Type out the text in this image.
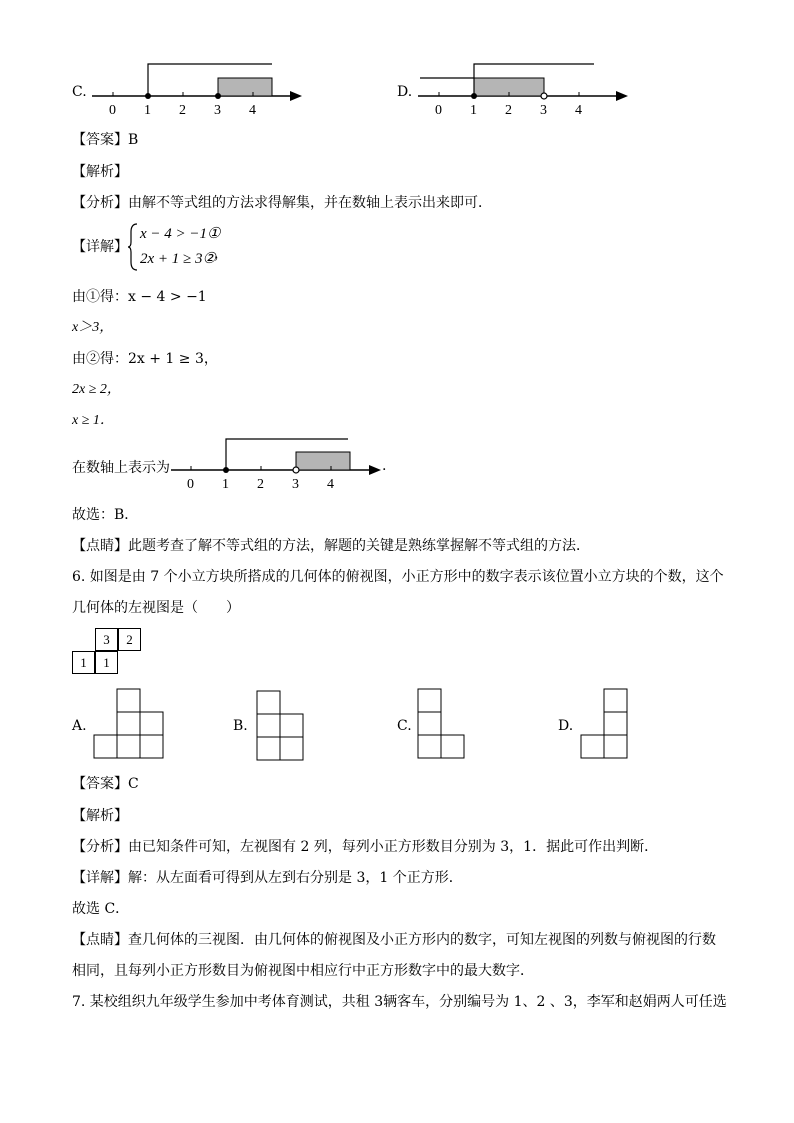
C.
0 1 2 3 4
D.
0 1 2 3 4
【答案】B
【解析】
【分析】由解不等式组的方法求得解集，并在数轴上表示出来即可．
【详解】
x − 4 > −1①
2x + 1 ≥ 3②
，
由①得：x − 4 > −1
x＞3，
由②得：2x + 1 ≥ 3，
2x ≥ 2，
x ≥ 1．
在数轴上表示为
0 1 2 3 4
.
故选：B．
【点睛】此题考查了解不等式组的方法，解题的关键是熟练掌握解不等式组的方法．
6. 如图是由 7 个小立方块所搭成的几何体的俯视图，小正方形中的数字表示该位置小立方块的个数，这个
几何体的左视图是（　　）
3	2
1	1
A.	B.	C.	D.
【答案】C
【解析】
【分析】由已知条件可知，左视图有 2 列，每列小正方形数目分别为 3，1．据此可作出判断．
【详解】解：从左面看可得到从左到右分别是 3，1 个正方形．
故选 C．
【点睛】查几何体的三视图．由几何体的俯视图及小正方形内的数字，可知左视图的列数与俯视图的行数
相同，且每列小正方形数目为俯视图中相应行中正方形数字中的最大数字．
7. 某校组织九年级学生参加中考体育测试，共租 3辆客车，分别编号为 1、2 、3，李军和赵娟两人可任选
